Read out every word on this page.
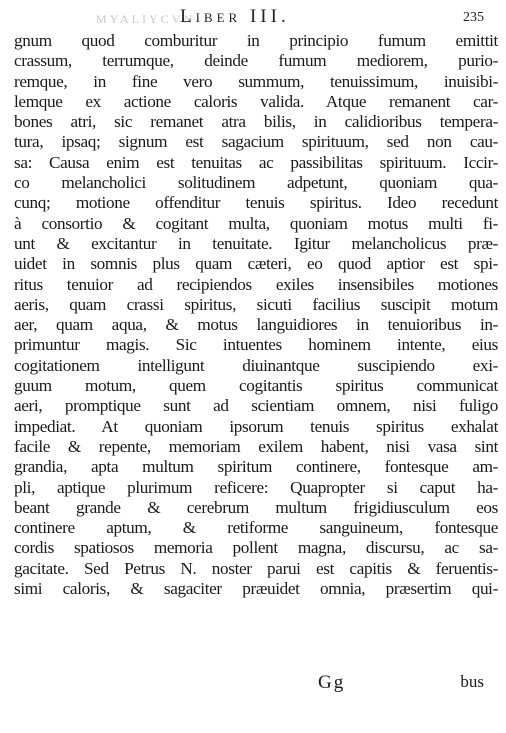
MYALIYCVN
Liber III.	235
gnum quod comburitur in principio fumum emittit
crassum, terrumque, deinde fumum mediorem, purio-
remque, in fine vero summum, tenuissimum, inuisibi-
lemque ex actione caloris valida. Atque remanent car-
bones atri, sic remanet atra bilis, in calidioribus tempera-
tura, ipsaq; signum est sagacium spirituum, sed non cau-
sa: Causa enim est tenuitas ac passibilitas spirituum. Iccir-
co melancholici solitudinem adpetunt, quoniam qua-
cunq; motione offenditur tenuis spiritus. Ideo recedunt
à consortio & cogitant multa, quoniam motus multi fi-
unt & excitantur in tenuitate. Igitur melancholicus præ-
uidet in somnis plus quam cæteri, eo quod aptior est spi-
ritus tenuior ad recipiendos exiles insensibiles motiones
aeris, quam crassi spiritus, sicuti facilius suscipit motum
aer, quam aqua, & motus languidiores in tenuioribus in-
primuntur magis. Sic intuentes hominem intente, eius
cogitationem intelligunt diuinantque suscipiendo exi-
guum motum, quem cogitantis spiritus communicat
aeri, promptique sunt ad scientiam omnem, nisi fuligo
impediat. At quoniam ipsorum tenuis spiritus exhalat
facile & repente, memoriam exilem habent, nisi vasa sint
grandia, apta multum spiritum continere, fontesque am-
pli, aptique plurimum reficere: Quapropter si caput ha-
beant grande & cerebrum multum frigidiusculum eos
continere aptum, & retiforme sanguineum, fontesque
cordis spatiosos memoria pollent magna, discursu, ac sa-
gacitate. Sed Petrus N. noster parui est capitis & feruentis-
simi caloris, & sagaciter præuidet omnia, præsertim qui-
Gg	bus
